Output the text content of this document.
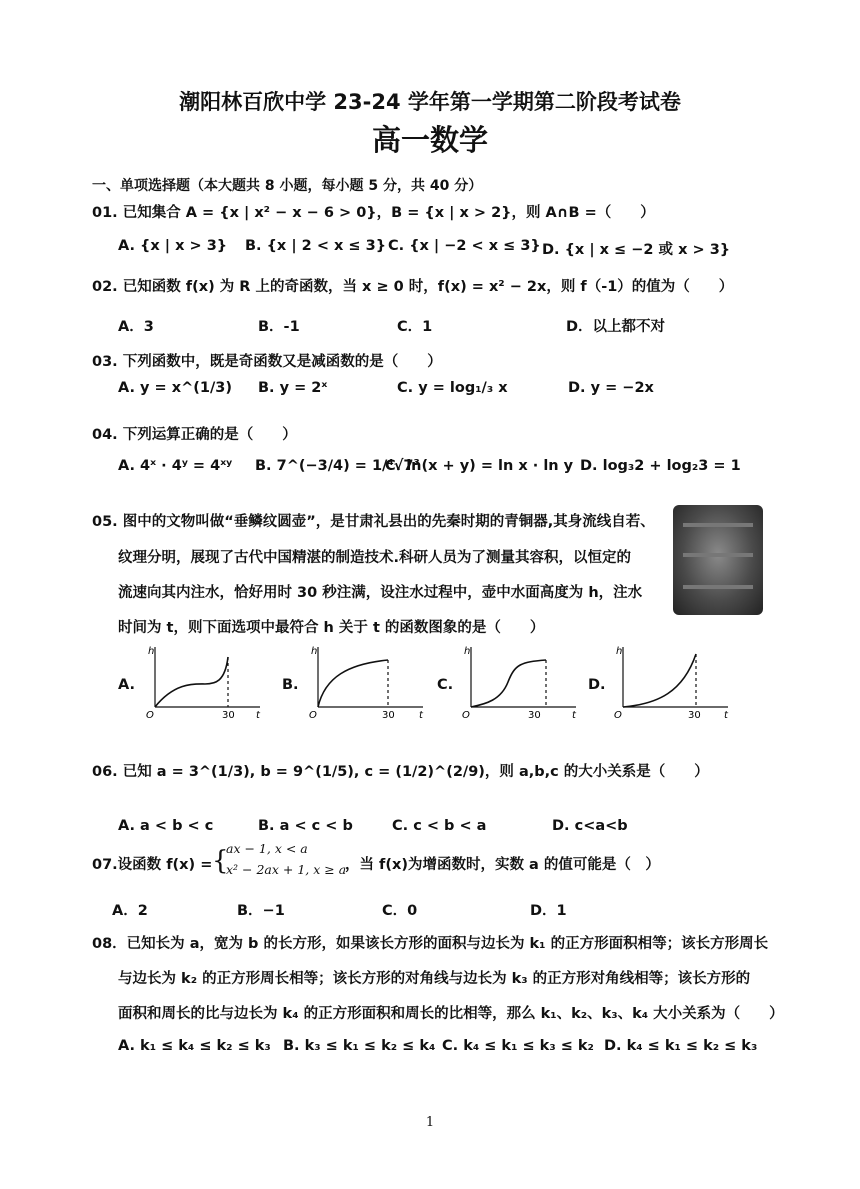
潮阳林百欣中学 23-24 学年第一学期第二阶段考试卷
高一数学
一、单项选择题（本大题共 8 小题，每小题 5 分，共 40 分）
01. 已知集合 A = {x | x² − x − 6 > 0}，B = {x | x > 2}，则 A∩B =（　　）
A. {x | x > 3} B. {x | 2 < x ≤ 3} C. {x | −2 < x ≤ 3} D. {x | x ≤ −2 或 x > 3}
02. 已知函数 f(x) 为 R 上的奇函数，当 x ≥ 0 时，f(x) = x² − 2x，则 f（-1）的值为（　　）
A．3	B．-1	C．1	D．以上都不对
03. 下列函数中，既是奇函数又是减函数的是（　　）
A. y = x^(1/3) B. y = 2ˣ	C. y = log₁/₃ x	D. y = −2x
04. 下列运算正确的是（　　）
A. 4ˣ · 4ʸ = 4ˣʸ B. 7^(−3/4) = 1/⁴√7³
C. ln(x + y) = ln x · ln y D. log₃2 + log₂3 = 1
05. 图中的文物叫做“垂鳞纹圆壶”，是甘肃礼县出的先秦时期的青铜器,其身流线自若、
纹理分明，展现了古代中国精湛的制造技术.科研人员为了测量其容积，以恒定的
流速向其内注水，恰好用时 30 秒注满，设注水过程中，壶中水面高度为 h，注水
时间为 t，则下面选项中最符合 h 关于 t 的函数图象的是（　　）
A.	B.	C.	D.
h
t
O	30
h
t
O	30
h
t
O	30
h
t
O	30
06. 已知 a = 3^(1/3), b = 9^(1/5), c = (1/2)^(2/9)，则 a,b,c 的大小关系是（　　）
A. a < b < c	B. a < c < b	C. c < b < a	D. c<a<b
07.设函数 f(x) = {
ax − 1, x < a
x² − 2ax + 1, x ≥ a
，当 f(x)为增函数时，实数 a 的值可能是（　）
A．2	B．−1	C．0	D．1
08．已知长为 a，宽为 b 的长方形，如果该长方形的面积与边长为 k₁ 的正方形面积相等；该长方形周长
与边长为 k₂ 的正方形周长相等；该长方形的对角线与边长为 k₃ 的正方形对角线相等；该长方形的
面积和周长的比与边长为 k₄ 的正方形面积和周长的比相等，那么 k₁、k₂、k₃、k₄ 大小关系为（　　）
A. k₁ ≤ k₄ ≤ k₂ ≤ k₃ B. k₃ ≤ k₁ ≤ k₂ ≤ k₄ C. k₄ ≤ k₁ ≤ k₃ ≤ k₂ D. k₄ ≤ k₁ ≤ k₂ ≤ k₃
1
